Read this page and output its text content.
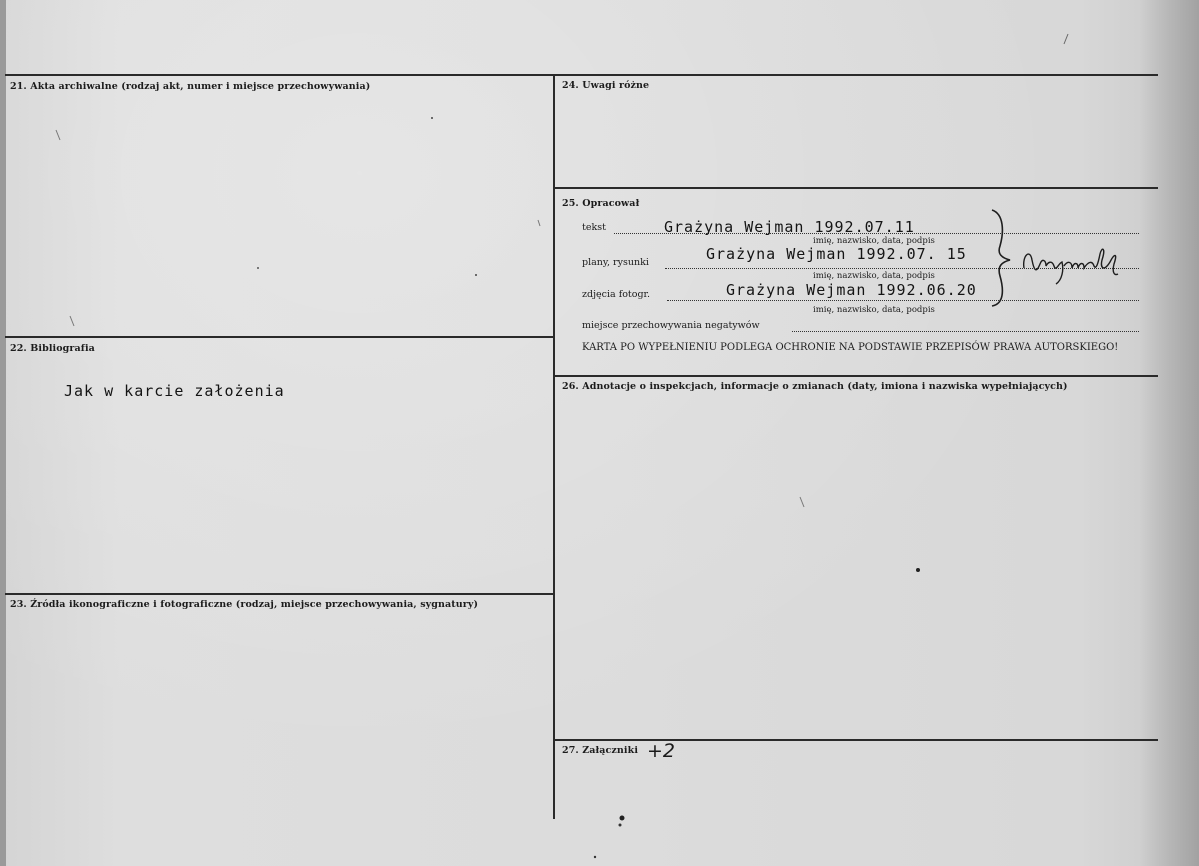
21. Akta archiwalne (rodzaj akt, numer i miejsce przechowywania)
22. Bibliografia
Jak w karcie założenia
23. Źródła ikonograficzne i fotograficzne (rodzaj, miejsce przechowywania, sygnatury)
24. Uwagi różne
25. Opracował
tekst	Grażyna Wejman 1992.07.11
imię, nazwisko, data, podpis
plany, rysunki	Grażyna Wejman 1992.07. 15
imię, nazwisko, data, podpis
zdjęcia fotogr.	Grażyna Wejman 1992.06.20
imię, nazwisko, data, podpis
miejsce przechowywania negatywów
KARTA PO WYPEŁNIENIU PODLEGA OCHRONIE NA PODSTAWIE PRZEPISÓW PRAWA AUTORSKIEGO!
26. Adnotacje o inspekcjach, informacje o zmianach (daty, imiona i nazwiska wypełniających)
27. Załączniki +2
